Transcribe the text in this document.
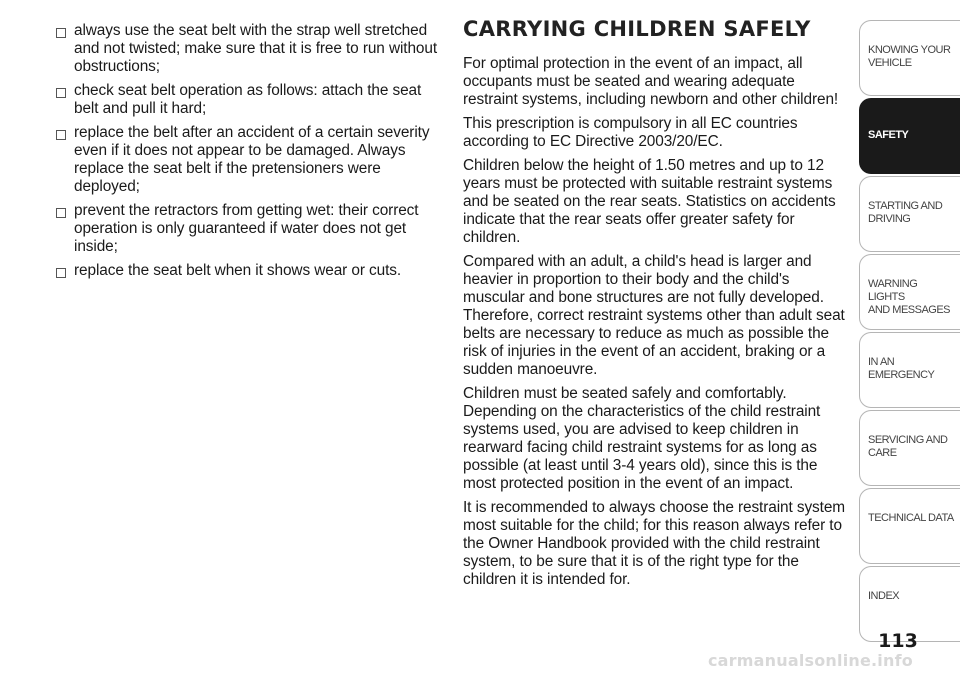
always use the seat belt with the strap well stretched and not twisted; make sure that it is free to run without obstructions;
check seat belt operation as follows: attach the seat belt and pull it hard;
replace the belt after an accident of a certain severity even if it does not appear to be damaged. Always replace the seat belt if the pretensioners were deployed;
prevent the retractors from getting wet: their correct operation is only guaranteed if water does not get inside;
replace the seat belt when it shows wear or cuts.
CARRYING CHILDREN SAFELY

For optimal protection in the event of an impact, all occupants must be seated and wearing adequate restraint systems, including newborn and other children!

This prescription is compulsory in all EC countries according to EC Directive 2003/20/EC.

Children below the height of 1.50 metres and up to 12 years must be protected with suitable restraint systems and be seated on the rear seats. Statistics on accidents indicate that the rear seats offer greater safety for children.

Compared with an adult, a child's head is larger and heavier in proportion to their body and the child's muscular and bone structures are not fully developed. Therefore, correct restraint systems other than adult seat belts are necessary to reduce as much as possible the risk of injuries in the event of an accident, braking or a sudden manoeuvre.

Children must be seated safely and comfortably. Depending on the characteristics of the child restraint systems used, you are advised to keep children in rearward facing child restraint systems for as long as possible (at least until 3-4 years old), since this is the most protected position in the event of an impact.

It is recommended to always choose the restraint system most suitable for the child; for this reason always refer to the Owner Handbook provided with the child restraint system, to be sure that it is of the right type for the children it is intended for.

KNOWING YOUR
VEHICLE
SAFETY
STARTING AND
DRIVING
WARNING LIGHTS
AND MESSAGES
IN AN EMERGENCY
SERVICING AND
CARE
TECHNICAL DATA
INDEX
113
carmanualsonline.info
